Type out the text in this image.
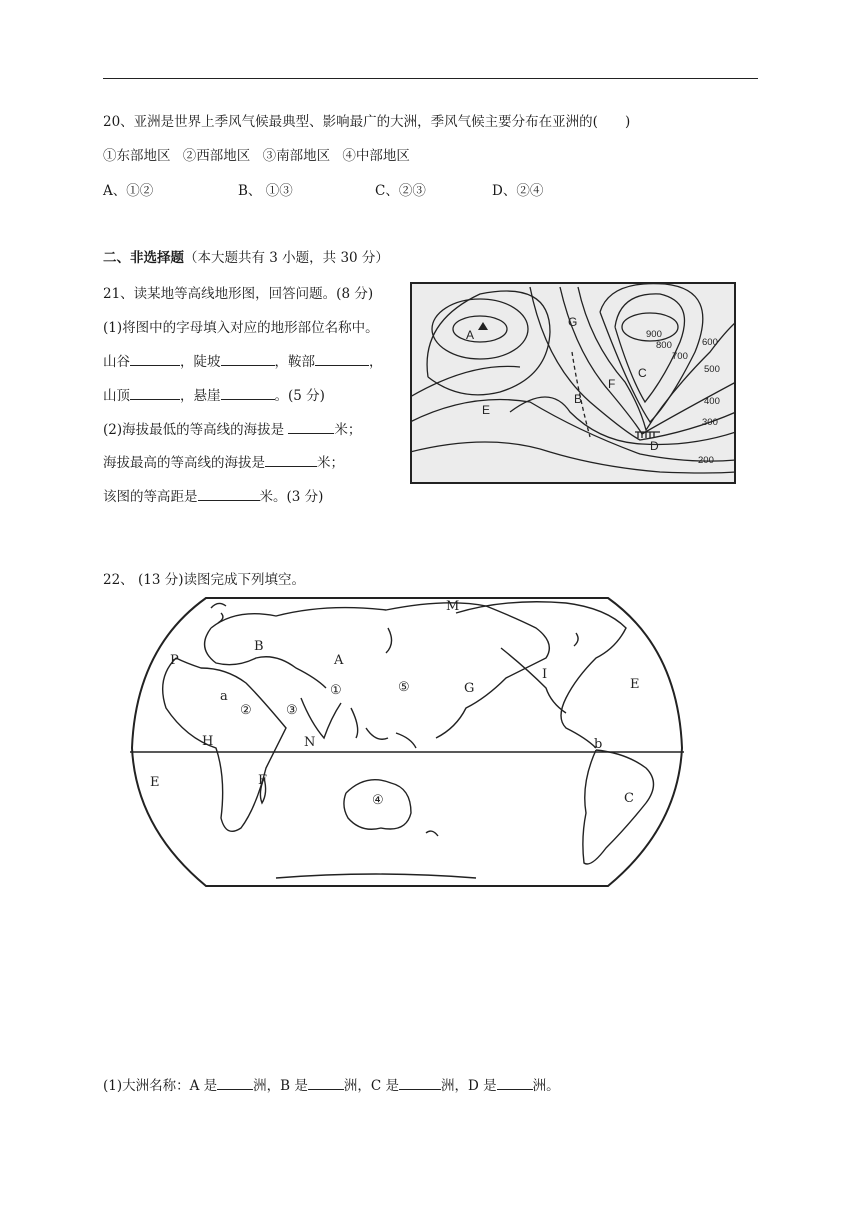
20、亚洲是世界上季风气候最典型、影响最广的大洲，季风气候主要分布在亚洲的(　　)
①东部地区 ②西部地区 ③南部地区 ④中部地区
A、①②	B、 ①③	C、②③	D、②④
二、非选择题（本大题共有 3 小题，共 30 分）
21、读某地等高线地形图，回答问题。(8 分)
(1)将图中的字母填入对应的地形部位名称中。
山谷	，陡坡	，鞍部	，
山顶	，悬崖	。(5 分)
(2)海拔最低的等高线的海拔是	米；
海拔最高的等高线的海拔是	米；
该图的等高距是	米。(3 分)
A
G
B
E
F
C
D
900
800
700
600
500
400
300
200
22、 (13 分)读图完成下列填空。
M
B
P	A
①	⑤	G
I
E
a
②	③
H	N	b
E	F
④	C
(1)大洲名称：A 是	洲，B 是	洲，C 是	洲，D 是	洲。
